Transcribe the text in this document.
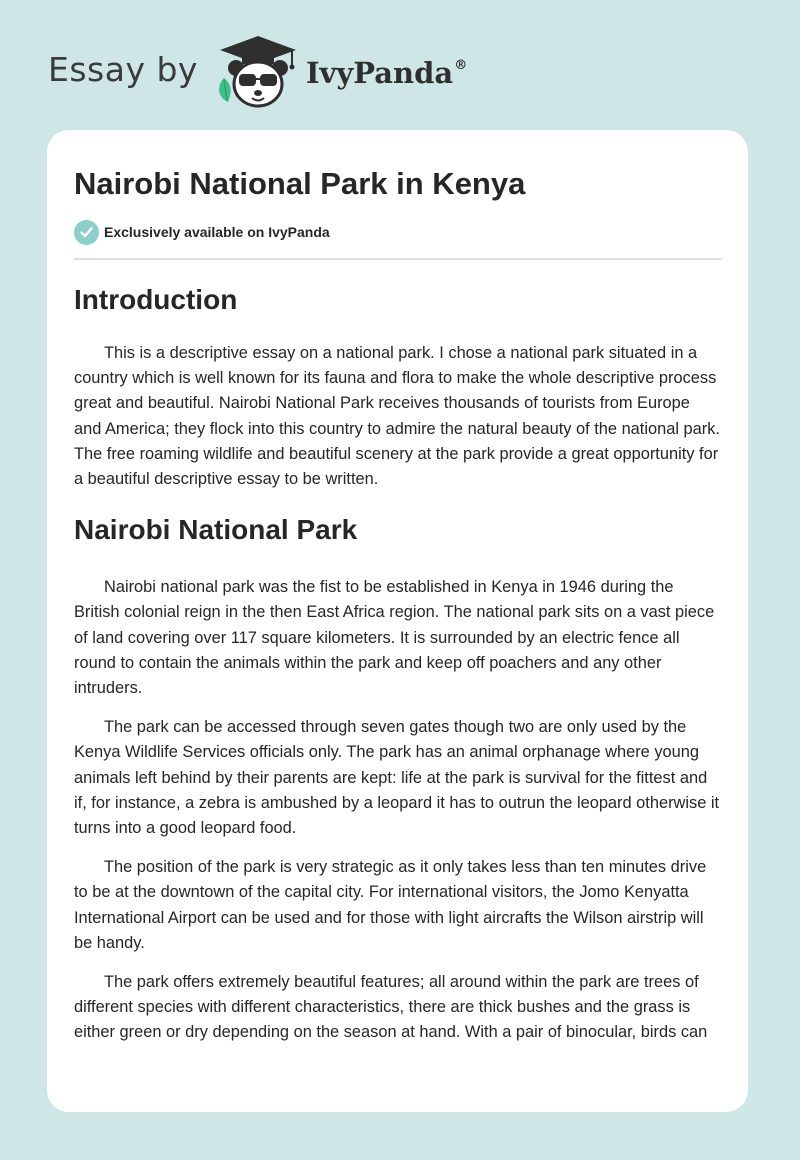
Essay by	IvyPanda®
Nairobi National Park in Kenya
Exclusively available on IvyPanda
Introduction

This is a descriptive essay on a national park. I chose a national park situated in a country which is well known for its fauna and flora to make the whole descriptive process great and beautiful. Nairobi National Park receives thousands of tourists from Europe and America; they flock into this country to admire the natural beauty of the national park. The free roaming wildlife and beautiful scenery at the park provide a great opportunity for a beautiful descriptive essay to be written.

Nairobi National Park

Nairobi national park was the fist to be established in Kenya in 1946 during the British colonial reign in the then East Africa region. The national park sits on a vast piece of land covering over 117 square kilometers. It is surrounded by an electric fence all round to contain the animals within the park and keep off poachers and any other intruders.

The park can be accessed through seven gates though two are only used by the Kenya Wildlife Services officials only. The park has an animal orphanage where young animals left behind by their parents are kept: life at the park is survival for the fittest and if, for instance, a zebra is ambushed by a leopard it has to outrun the leopard otherwise it turns into a good leopard food.

The position of the park is very strategic as it only takes less than ten minutes drive to be at the downtown of the capital city. For international visitors, the Jomo Kenyatta International Airport can be used and for those with light aircrafts the Wilson airstrip will be handy.

The park offers extremely beautiful features; all around within the park are trees of different species with different characteristics, there are thick bushes and the grass is either green or dry depending on the season at hand. With a pair of binocular, birds can
